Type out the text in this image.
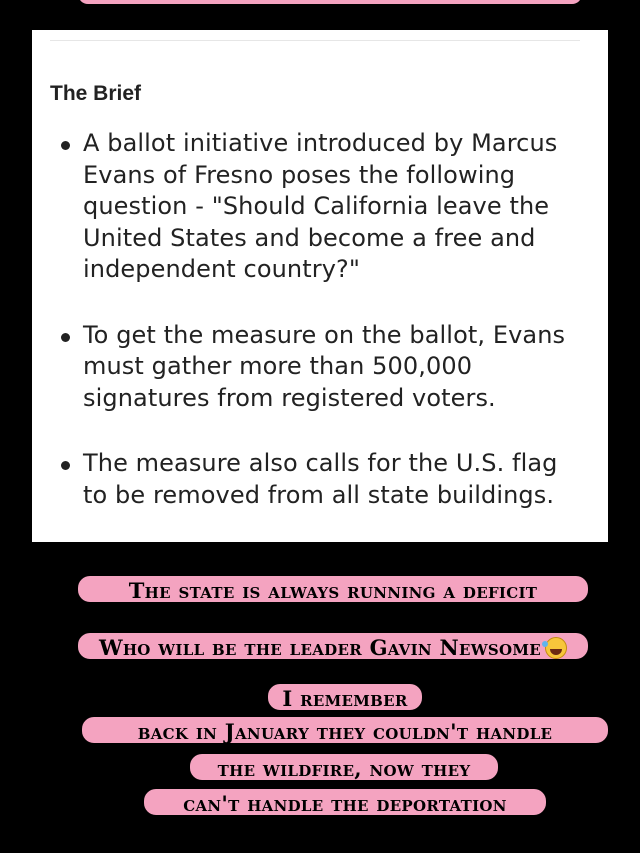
The Brief
A ballot initiative introduced by Marcus Evans of Fresno poses the following question - "Should California leave the United States and become a free and independent country?"
To get the measure on the ballot, Evans must gather more than 500,000 signatures from registered voters.
The measure also calls for the U.S. flag to be removed from all state buildings.
The state is always running a deficit
Who will be the leader Gavin Newsome
I remember
back in January they couldn't handle
the wildfire, now they
can't handle the deportation
